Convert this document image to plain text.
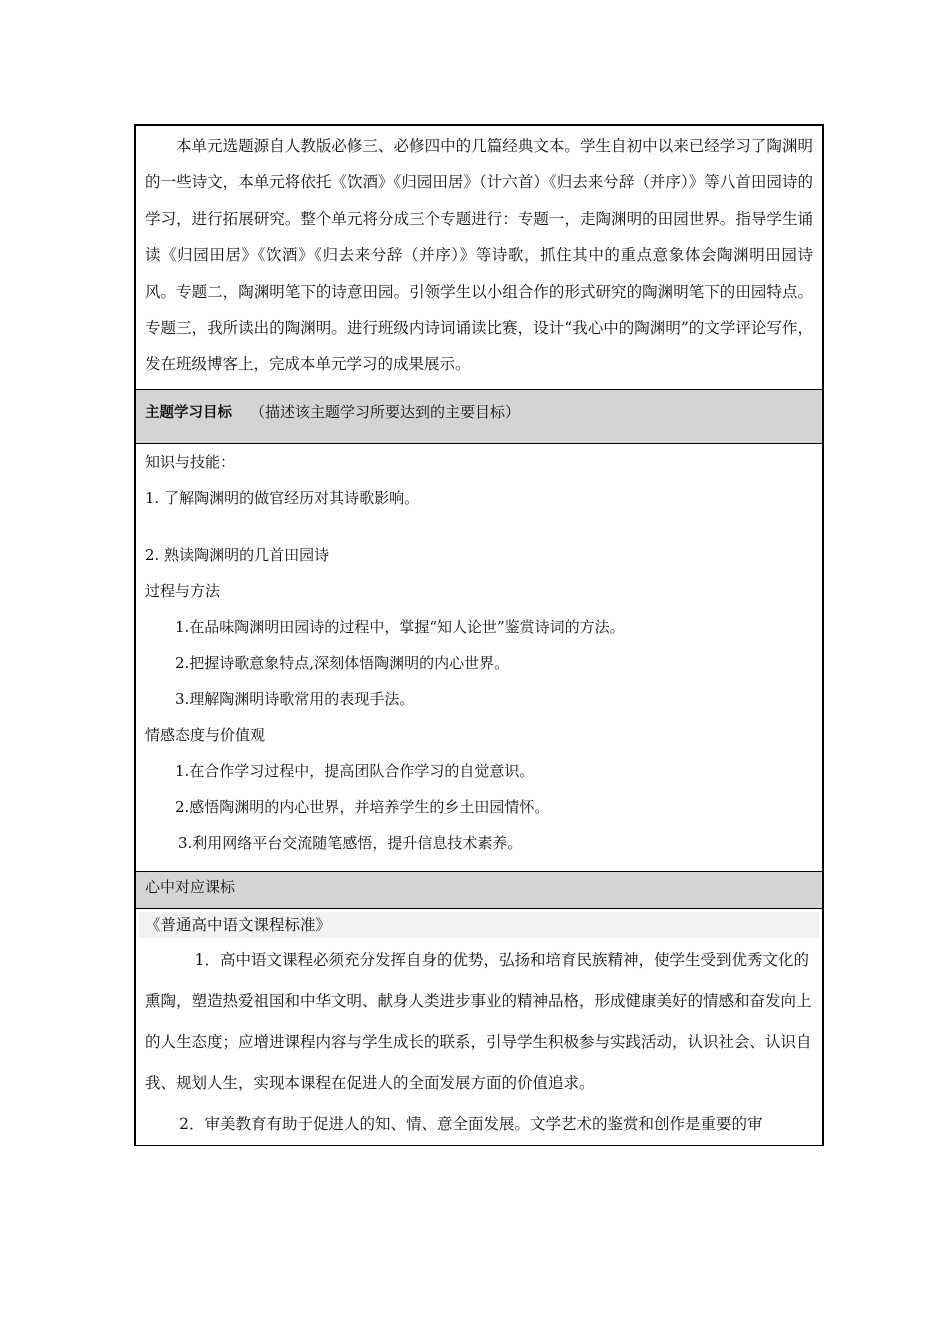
本单元选题源自人教版必修三、必修四中的几篇经典文本。学生自初中以来已经学习了陶渊明的一些诗文，本单元将依托《饮酒》《归园田居》（计六首）《归去来兮辞（并序）》等八首田园诗的学习，进行拓展研究。整个单元将分成三个专题进行：专题一，走陶渊明的田园世界。指导学生诵读《归园田居》《饮酒》《归去来兮辞（并序）》等诗歌，抓住其中的重点意象体会陶渊明田园诗风。专题二，陶渊明笔下的诗意田园。引领学生以小组合作的形式研究的陶渊明笔下的田园特点。专题三，我所读出的陶渊明。进行班级内诗词诵读比赛，设计“我心中的陶渊明”的文学评论写作，发在班级博客上，完成本单元学习的成果展示。

主题学习目标 （描述该主题学习所要达到的主要目标）
知识与技能：
1. 了解陶渊明的做官经历对其诗歌影响。
2. 熟读陶渊明的几首田园诗
过程与方法
1.在品味陶渊明田园诗的过程中，掌握“知人论世”鉴赏诗词的方法。
2.把握诗歌意象特点,深刻体悟陶渊明的内心世界。
3.理解陶渊明诗歌常用的表现手法。
情感态度与价值观
1.在合作学习过程中，提高团队合作学习的自觉意识。
2.感悟陶渊明的内心世界，并培养学生的乡土田园情怀。
3.利用网络平台交流随笔感悟，提升信息技术素养。
心中对应课标
《普通高中语文课程标准》

1．高中语文课程必须充分发挥自身的优势，弘扬和培育民族精神，使学生受到优秀文化的熏陶，塑造热爱祖国和中华文明、献身人类进步事业的精神品格，形成健康美好的情感和奋发向上的人生态度；应增进课程内容与学生成长的联系，引导学生积极参与实践活动，认识社会、认识自我、规划人生，实现本课程在促进人的全面发展方面的价值追求。

2．审美教育有助于促进人的知、情、意全面发展。文学艺术的鉴赏和创作是重要的审
